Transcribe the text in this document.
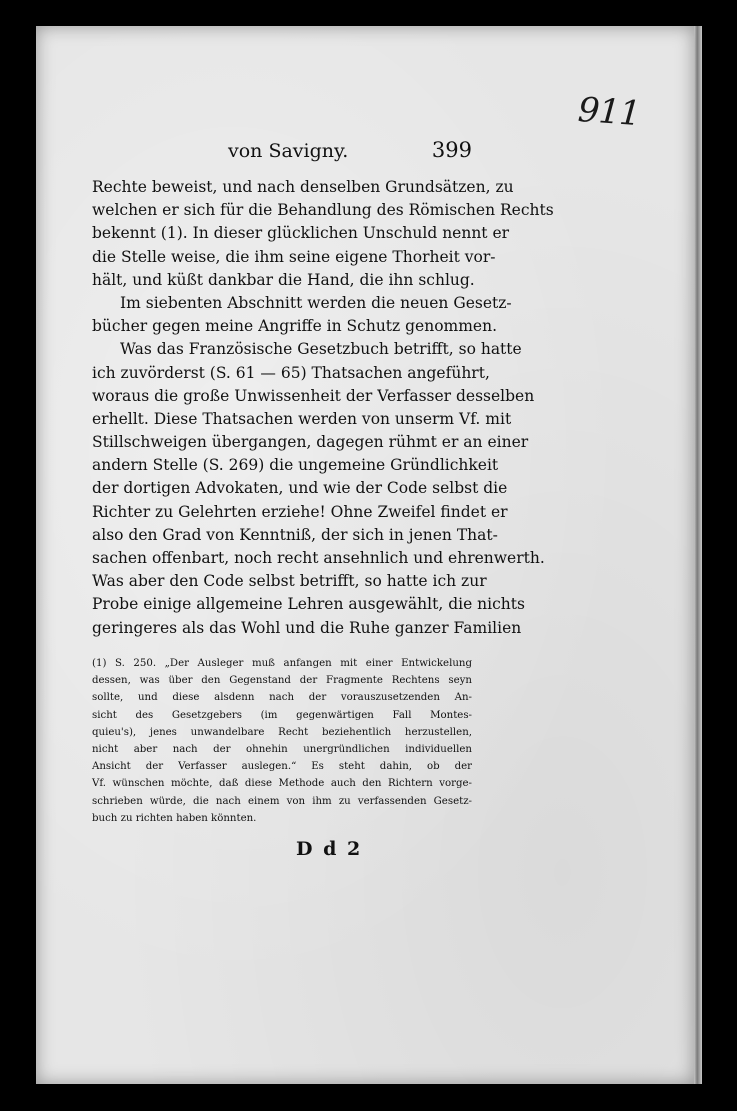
911
von Savigny.	399
Rechte beweist, und nach denselben Grundsätzen, zu
welchen er sich für die Behandlung des Römischen Rechts
bekennt (1). In dieser glücklichen Unschuld nennt er
die Stelle weise, die ihm seine eigene Thorheit vor-
hält, und küßt dankbar die Hand, die ihn schlug.
Im siebenten Abschnitt werden die neuen Gesetz-
bücher gegen meine Angriffe in Schutz genommen.
Was das Französische Gesetzbuch betrifft, so hatte
ich zuvörderst (S. 61 — 65) Thatsachen angeführt,
woraus die große Unwissenheit der Verfasser desselben
erhellt. Diese Thatsachen werden von unserm Vf. mit
Stillschweigen übergangen, dagegen rühmt er an einer
andern Stelle (S. 269) die ungemeine Gründlichkeit
der dortigen Advokaten, und wie der Code selbst die
Richter zu Gelehrten erziehe! Ohne Zweifel findet er
also den Grad von Kenntniß, der sich in jenen That-
sachen offenbart, noch recht ansehnlich und ehrenwerth.
Was aber den Code selbst betrifft, so hatte ich zur
Probe einige allgemeine Lehren ausgewählt, die nichts
geringeres als das Wohl und die Ruhe ganzer Familien
(1) S. 250. „Der Ausleger muß anfangen mit einer Entwickelung
dessen, was über den Gegenstand der Fragmente Rechtens seyn
sollte, und diese alsdenn nach der vorauszusetzenden An-
sicht des Gesetzgebers (im gegenwärtigen Fall Montes-
quieu's), jenes unwandelbare Recht beziehentlich herzustellen,
nicht aber nach der ohnehin unergründlichen individuellen
Ansicht der Verfasser auslegen.“ Es steht dahin, ob der
Vf. wünschen möchte, daß diese Methode auch den Richtern vorge-
schrieben würde, die nach einem von ihm zu verfassenden Gesetz-
buch zu richten haben könnten.
D d 2
